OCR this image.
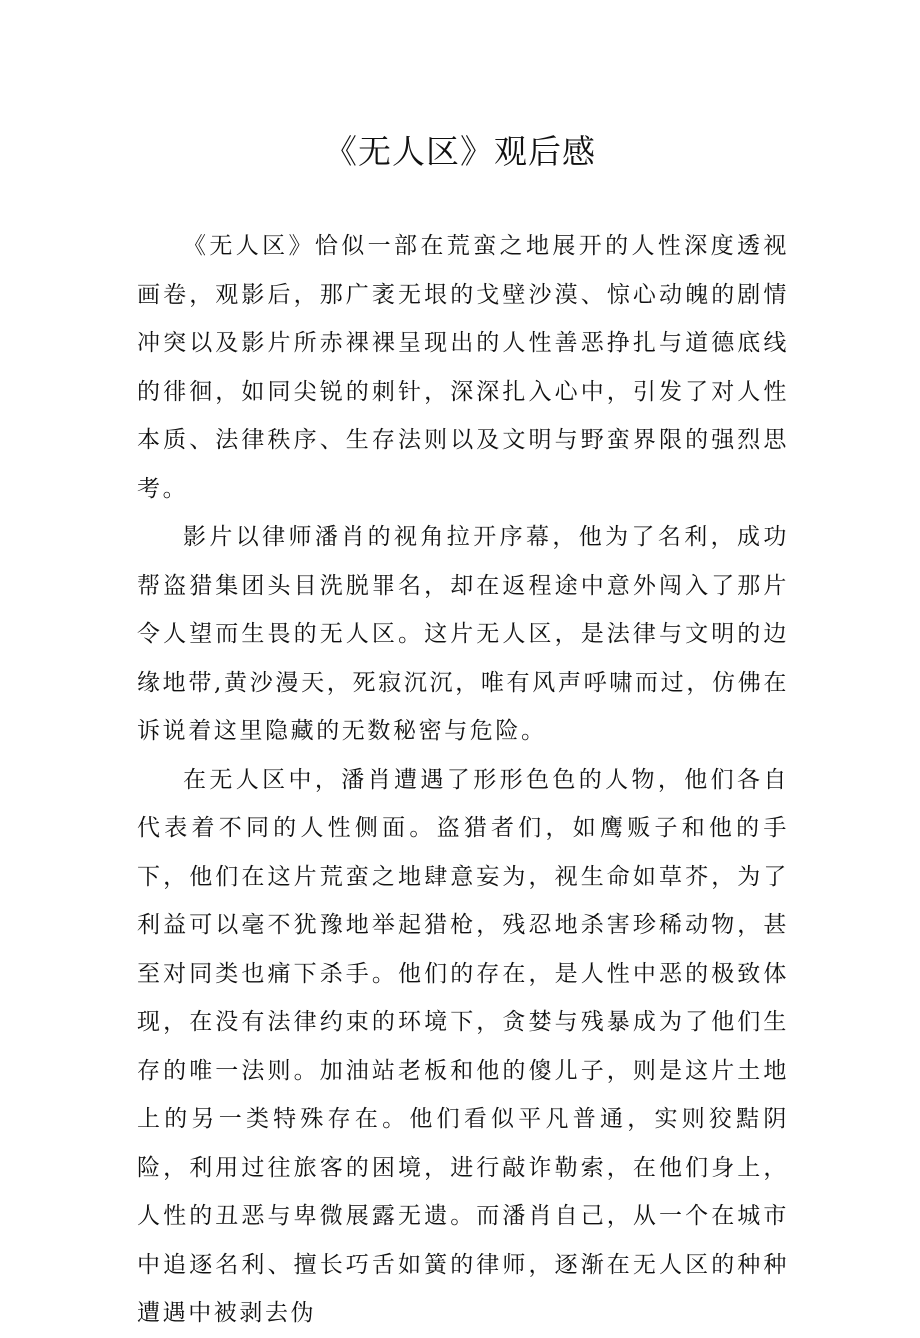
《无人区》观后感

《无人区》恰似一部在荒蛮之地展开的人性深度透视画卷，观影后，那广袤无垠的戈壁沙漠、惊心动魄的剧情冲突以及影片所赤裸裸呈现出的人性善恶挣扎与道德底线的徘徊，如同尖锐的刺针，深深扎入心中，引发了对人性本质、法律秩序、生存法则以及文明与野蛮界限的强烈思考。

影片以律师潘肖的视角拉开序幕，他为了名利，成功帮盗猎集团头目洗脱罪名，却在返程途中意外闯入了那片令人望而生畏的无人区。这片无人区，是法律与文明的边缘地带,黄沙漫天，死寂沉沉，唯有风声呼啸而过，仿佛在诉说着这里隐藏的无数秘密与危险。

在无人区中，潘肖遭遇了形形色色的人物，他们各自代表着不同的人性侧面。盗猎者们，如鹰贩子和他的手下，他们在这片荒蛮之地肆意妄为，视生命如草芥，为了利益可以毫不犹豫地举起猎枪，残忍地杀害珍稀动物，甚至对同类也痛下杀手。他们的存在，是人性中恶的极致体现，在没有法律约束的环境下，贪婪与残暴成为了他们生存的唯一法则。加油站老板和他的傻儿子，则是这片土地上的另一类特殊存在。他们看似平凡普通，实则狡黠阴险，利用过往旅客的困境，进行敲诈勒索，在他们身上，人性的丑恶与卑微展露无遗。而潘肖自己，从一个在城市中追逐名利、擅长巧舌如簧的律师，逐渐在无人区的种种遭遇中被剥去伪
